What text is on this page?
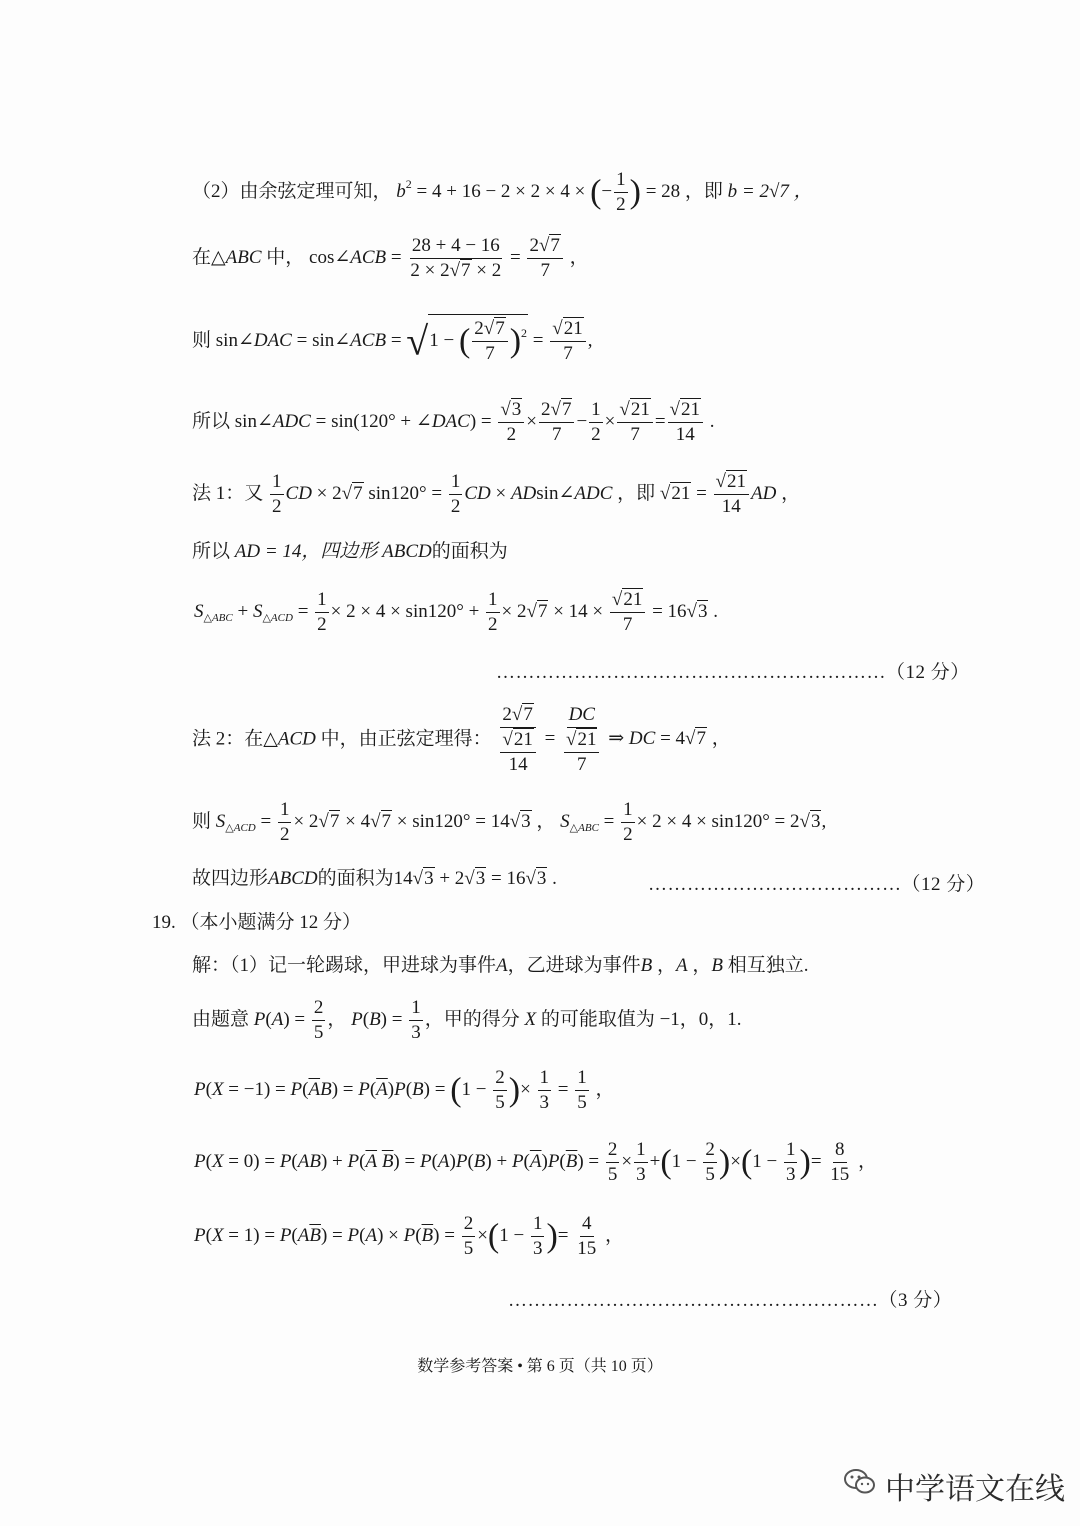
（2）由余弦定理可知， $b^2 = 4 + 16 - 2 \times 2 \times 4$ × (− $\frac{1}{2}$ ) = 28 ，即 b = 2√7 ，
在△ABC 中， cos∠ACB = $\frac{28 + 4 - 16}{2 \times 2√7 \times 2} = \frac{2√7}{7}$ ，
则 sin∠DAC = sin∠ACB = √1 − ( $\frac{2√7}{7} )^2 = \frac{√21}{7}$ ,
所以 sin∠ADC = sin(120° + ∠DAC) = $\frac{√3}{2} \times \frac{2√7}{7} - \frac{1}{2} \times \frac{√21}{7} = \frac{√21}{14}$ .
法 1：又 $\frac{1}{2}$ CD × 2√7 $\sin 120^\circ = \frac{1}{2}$ CD × ADsin∠ADC ，即 $√21 = \frac{√21}{14}$ AD ，
所以 AD = 14，四边形 ABCD的面积为
$S_{\triangle ABC} + S_{\triangle ACD} = \frac{1}{2} \times 2 \times 4 \times \sin 120^\circ + \frac{1}{2} \times 2√7 \times 14 \times \frac{√21}{7} = 16√3$ .
……………………………………………………（12 分）
法 2：在△ACD 中，由正弦定理得： $\frac{2√7}{\frac{√21}{14}} = \frac{DC}{\frac{√21}{7}}$ ⇒ DC = 4√7 ，
则 $S_{\triangle ACD} = \frac{1}{2} \times 2√7 \times 4√7 \times \sin 120^\circ = 14√3$ ， $S_{\triangle ABC} = \frac{1}{2} \times 2 \times 4 \times \sin 120^\circ = 2√3$,
故四边形ABCD的面积为14√3 + 2√3 = 16√3 .	…………………………………（12 分）
19. （本小题满分 12 分）
解：（1）记一轮踢球，甲进球为事件A，乙进球为事件B ，A ，B 相互独立.
由题意 $P(A) = \frac{2}{5}$ ， $P(B) = \frac{1}{3}$ ，甲的得分 X 的可能取值为 −1，0，1.
$P(X = -1) = P(\overline{A}B) = P(\overline{A})P(B) = (1 - \frac{2}{5}$ )× $\frac{1}{3} = \frac{1}{5}$ ，
$P(X = 0) = P(AB) + P(\overline{A}$ $\overline{B}) = P(A)P(B) + P(\overline{A})P(\overline{B}) = \frac{2}{5} \times \frac{1}{3} +(1 - \frac{2}{5} )\times(1 - \frac{1}{3}$ )= $\frac{8}{15}$ ，
$P(X = 1) = P(A\overline{B}) = P(A) \times P(\overline{B}) = \frac{2}{5} \times(1 - \frac{1}{3}$ )= $\frac{4}{15}$ ，
…………………………………………………（3 分）
数学参考答案 • 第 6 页（共 10 页）
中学语文在线
